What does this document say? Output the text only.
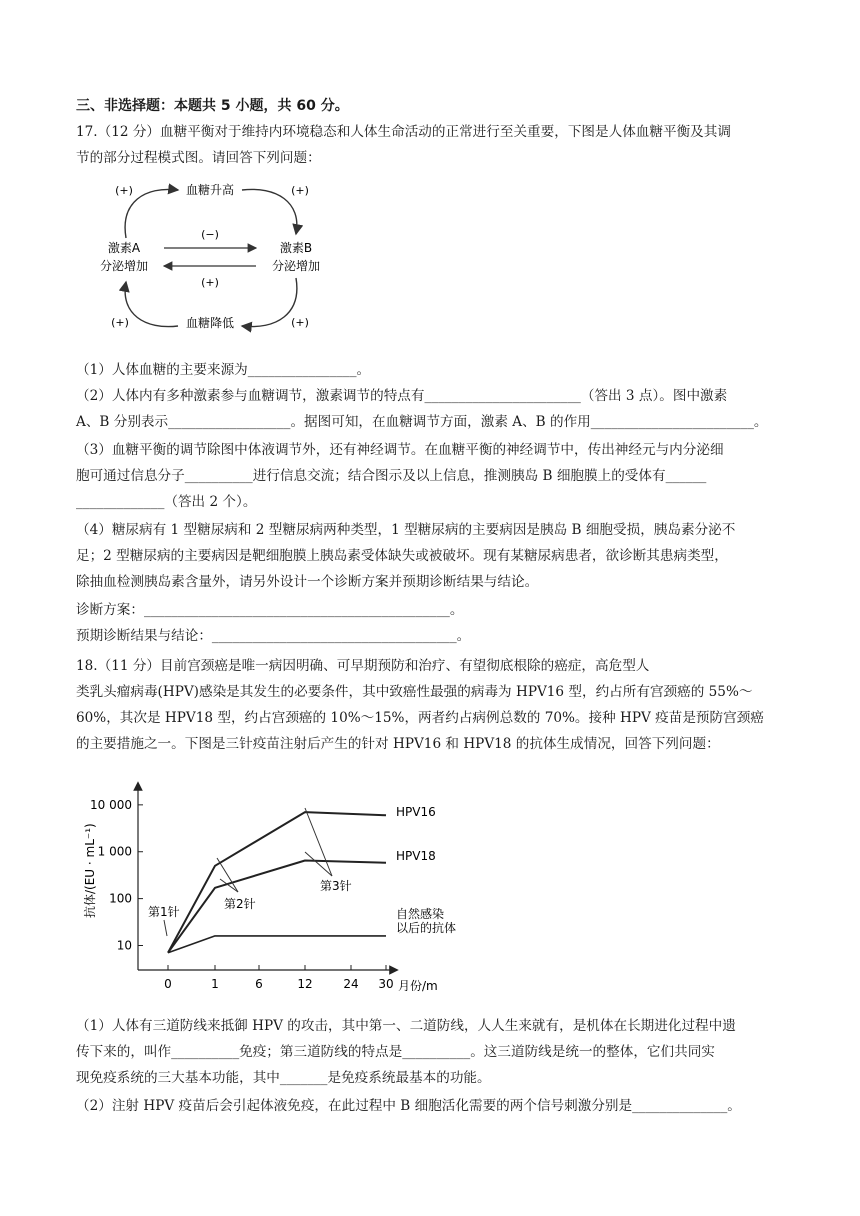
三、非选择题：本题共 5 小题，共 60 分。
17.（12 分）血糖平衡对于维持内环境稳态和人体生命活动的正常进行至关重要，下图是人体血糖平衡及其调
节的部分过程模式图。请回答下列问题：
血糖升高
血糖降低
激素A
分泌增加
激素B
分泌增加
(−)
(+)
(+)	(+)
(+)	(+)
（1）人体血糖的主要来源为________________。
（2）人体内有多种激素参与血糖调节，激素调节的特点有_______________________（答出 3 点）。图中激素
A、B 分别表示__________________。据图可知，在血糖调节方面，激素 A、B 的作用________________________。
（3）血糖平衡的调节除图中体液调节外，还有神经调节。在血糖平衡的神经调节中，传出神经元与内分泌细
胞可通过信息分子__________进行信息交流；结合图示及以上信息，推测胰岛 B 细胞膜上的受体有______
_____________（答出 2 个）。
（4）糖尿病有 1 型糖尿病和 2 型糖尿病两种类型，1 型糖尿病的主要病因是胰岛 B 细胞受损，胰岛素分泌不
足；2 型糖尿病的主要病因是靶细胞膜上胰岛素受体缺失或被破坏。现有某糖尿病患者，欲诊断其患病类型，
除抽血检测胰岛素含量外，请另外设计一个诊断方案并预期诊断结果与结论。
诊断方案：_____________________________________________。
预期诊断结果与结论：____________________________________。
18.（11 分）目前宫颈癌是唯一病因明确、可早期预防和治疗、有望彻底根除的癌症，高危型人
类乳头瘤病毒(HPV)感染是其发生的必要条件，其中致癌性最强的病毒为 HPV16 型，约占所有宫颈癌的 55%～
60%，其次是 HPV18 型，约占宫颈癌的 10%～15%，两者约占病例总数的 70%。接种 HPV 疫苗是预防宫颈癌
的主要措施之一。下图是三针疫苗注射后产生的针对 HPV16 和 HPV18 的抗体生成情况，回答下列问题：
抗体/(EU · mL⁻¹)
月份/m
10
100
1 000
10 000
0	1	6	12	24 30
HPV16
HPV18
自然感染
以后的抗体
第1针
第2针
第3针
（1）人体有三道防线来抵御 HPV 的攻击，其中第一、二道防线，人人生来就有，是机体在长期进化过程中遗
传下来的，叫作__________免疫；第三道防线的特点是__________。这三道防线是统一的整体，它们共同实
现免疫系统的三大基本功能，其中_______是免疫系统最基本的功能。
（2）注射 HPV 疫苗后会引起体液免疫，在此过程中 B 细胞活化需要的两个信号刺激分别是______________。
